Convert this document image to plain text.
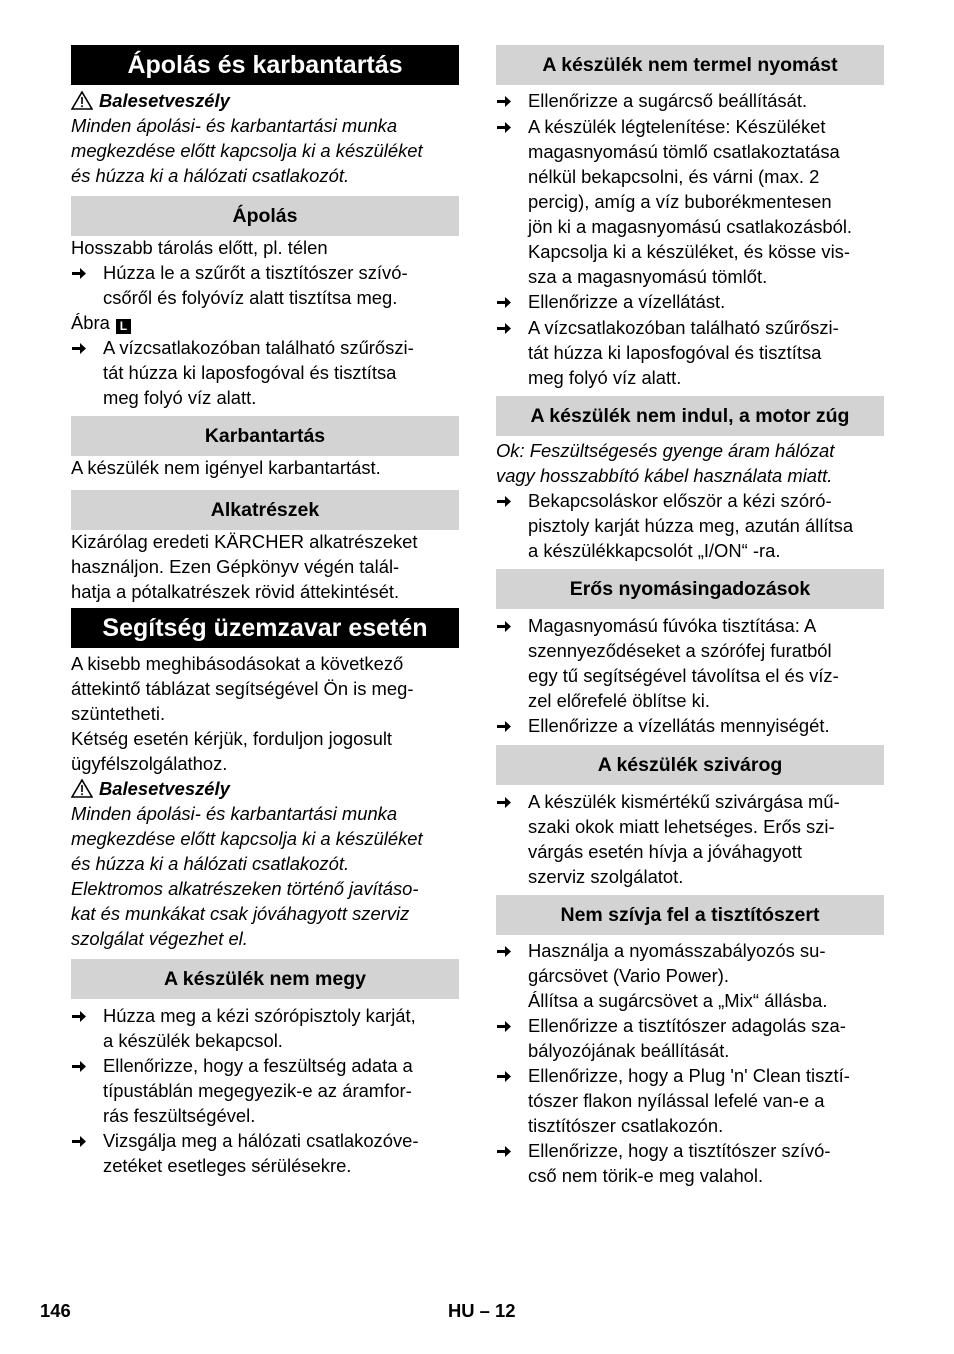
Ápolás és karbantartás
Balesetveszély
Minden ápolási- és karbantartási munka
megkezdése előtt kapcsolja ki a készüléket
és húzza ki a hálózati csatlakozót.
Ápolás
Hosszabb tárolás előtt, pl. télen
Húzza le a szűrőt a tisztítószer szívó-
csőről és folyóvíz alatt tisztítsa meg.
Ábra L
A vízcsatlakozóban található szűrőszi-
tát húzza ki laposfogóval és tisztítsa
meg folyó víz alatt.
Karbantartás
A készülék nem igényel karbantartást.
Alkatrészek
Kizárólag eredeti KÄRCHER alkatrészeket
használjon. Ezen Gépkönyv végén talál-
hatja a pótalkatrészek rövid áttekintését.
Segítség üzemzavar esetén
A kisebb meghibásodásokat a következő
áttekintő táblázat segítségével Ön is meg-
szüntetheti.
Kétség esetén kérjük, forduljon jogosult
ügyfélszolgálathoz.
Balesetveszély
Minden ápolási- és karbantartási munka
megkezdése előtt kapcsolja ki a készüléket
és húzza ki a hálózati csatlakozót.
Elektromos alkatrészeken történő javításo-
kat és munkákat csak jóváhagyott szerviz
szolgálat végezhet el.
A készülék nem megy
Húzza meg a kézi szórópisztoly karját,
a készülék bekapcsol.
Ellenőrizze, hogy a feszültség adata a
típustáblán megegyezik-e az áramfor-
rás feszültségével.
Vizsgálja meg a hálózati csatlakozóve-
zetéket esetleges sérülésekre.
A készülék nem termel nyomást
Ellenőrizze a sugárcső beállítását.
A készülék légtelenítése: Készüléket
magasnyomású tömlő csatlakoztatása
nélkül bekapcsolni, és várni (max. 2
percig), amíg a víz buborékmentesen
jön ki a magasnyomású csatlakozásból.
Kapcsolja ki a készüléket, és kösse vis-
sza a magasnyomású tömlőt.
Ellenőrizze a vízellátást.
A vízcsatlakozóban található szűrőszi-
tát húzza ki laposfogóval és tisztítsa
meg folyó víz alatt.
A készülék nem indul, a motor zúg
Ok: Feszültségesés gyenge áram hálózat
vagy hosszabbító kábel használata miatt.
Bekapcsoláskor először a kézi szóró-
pisztoly karját húzza meg, azután állítsa
a készülékkapcsolót „I/ON“ -ra.
Erős nyomásingadozások
Magasnyomású fúvóka tisztítása: A
szennyeződéseket a szórófej furatból
egy tű segítségével távolítsa el és víz-
zel előrefelé öblítse ki.
Ellenőrizze a vízellátás mennyiségét.
A készülék szivárog
A készülék kismértékű szivárgása mű-
szaki okok miatt lehetséges. Erős szi-
várgás esetén hívja a jóváhagyott
szerviz szolgálatot.
Nem szívja fel a tisztítószert
Használja a nyomásszabályozós su-
gárcsövet (Vario Power).
Állítsa a sugárcsövet a „Mix“ állásba.
Ellenőrizze a tisztítószer adagolás sza-
bályozójának beállítását.
Ellenőrizze, hogy a Plug 'n' Clean tisztí-
tószer flakon nyílással lefelé van-e a
tisztítószer csatlakozón.
Ellenőrizze, hogy a tisztítószer szívó-
cső nem törik-e meg valahol.
146	HU – 12
